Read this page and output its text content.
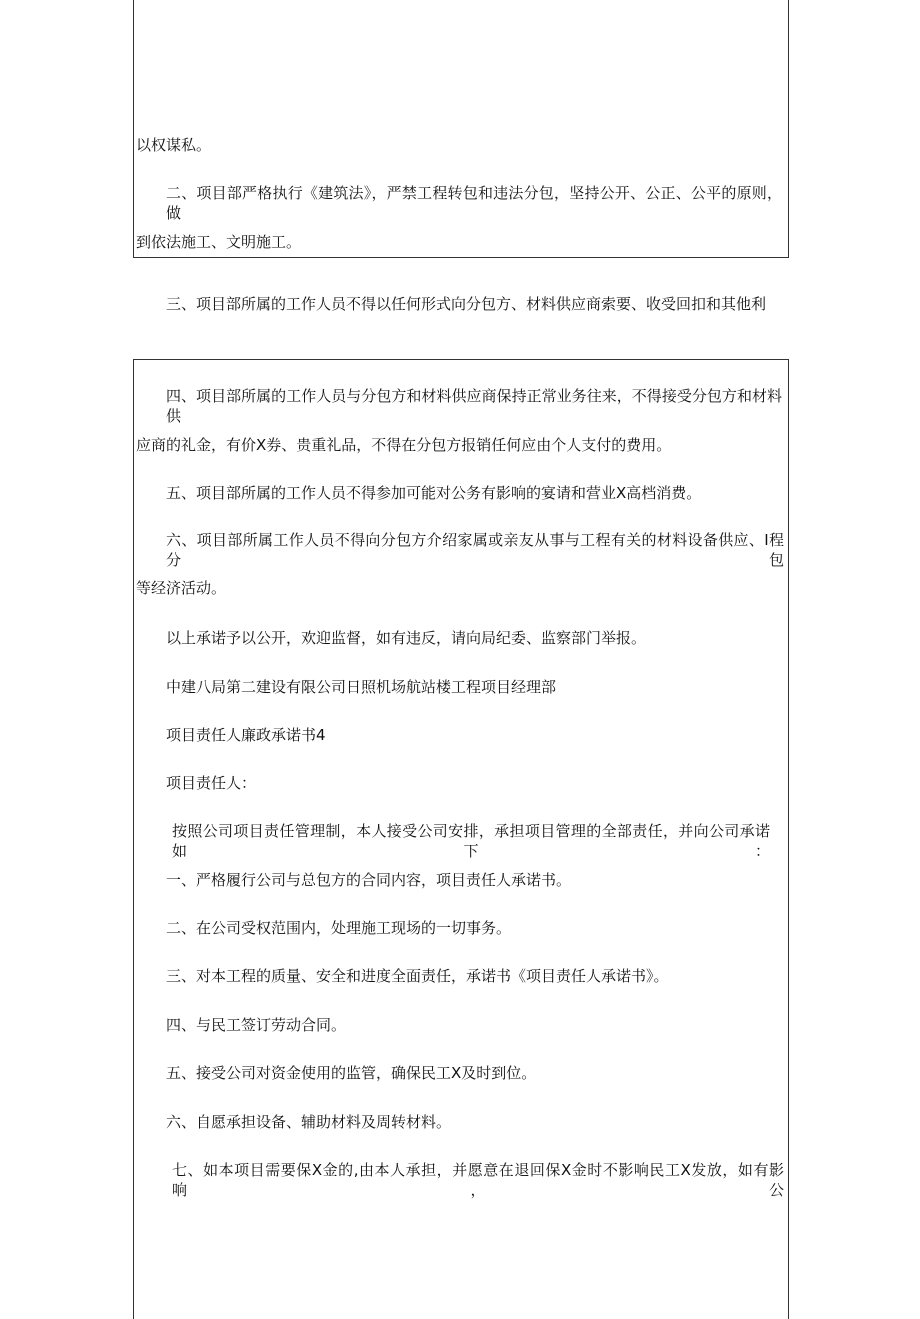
以权谋私。

二、项目部严格执行《建筑法》，严禁工程转包和违法分包，坚持公开、公正、公平的原则，做

到依法施工、文明施工。

三、项目部所属的工作人员不得以任何形式向分包方、材料供应商索要、收受回扣和其他利

四、项目部所属的工作人员与分包方和材料供应商保持正常业务往来，不得接受分包方和材料供

应商的礼金，有价X券、贵重礼品，不得在分包方报销任何应由个人支付的费用。

五、项目部所属的工作人员不得参加可能对公务有影响的宴请和营业X高档消费。

六、项目部所属工作人员不得向分包方介绍家属或亲友从事与工程有关的材料设备供应、I程分包

等经济活动。

以上承诺予以公开，欢迎监督，如有违反，请向局纪委、监察部门举报。

中建八局第二建设有限公司日照机场航站楼工程项目经理部

项目责任人廉政承诺书4

项目责任人：

按照公司项目责任管理制，本人接受公司安排，承担项目管理的全部责任，并向公司承诺如下：

一、严格履行公司与总包方的合同内容，项目责任人承诺书。

二、在公司受权范围内，处理施工现场的一切事务。

三、对本工程的质量、安全和进度全面责任，承诺书《项目责任人承诺书》。

四、与民工签订劳动合同。

五、接受公司对资金使用的监管，确保民工X及时到位。

六、自愿承担设备、辅助材料及周转材料。

七、如本项目需要保X金的,由本人承担，并愿意在退回保X金时不影响民工X发放，如有影响，公
